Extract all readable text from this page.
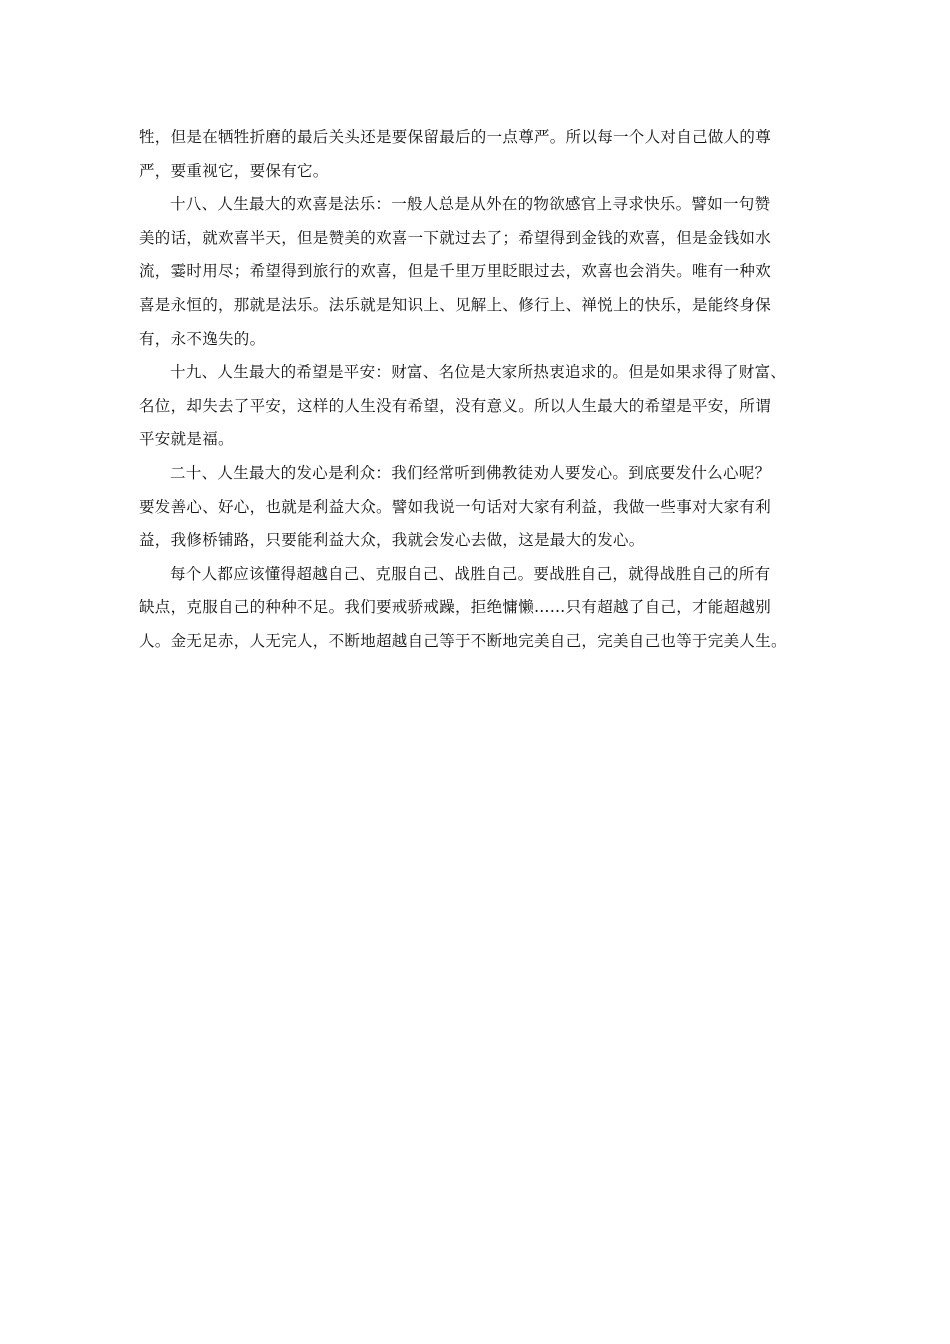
牲，但是在牺牲折磨的最后关头还是要保留最后的一点尊严。所以每一个人对自己做人的尊
严，要重视它，要保有它。

十八、人生最大的欢喜是法乐：一般人总是从外在的物欲感官上寻求快乐。譬如一句赞
美的话，就欢喜半天，但是赞美的欢喜一下就过去了；希望得到金钱的欢喜，但是金钱如水
流，霎时用尽；希望得到旅行的欢喜，但是千里万里眨眼过去，欢喜也会消失。唯有一种欢
喜是永恒的，那就是法乐。法乐就是知识上、见解上、修行上、禅悦上的快乐，是能终身保
有，永不逸失的。

十九、人生最大的希望是平安：财富、名位是大家所热衷追求的。但是如果求得了财富、
名位，却失去了平安，这样的人生没有希望，没有意义。所以人生最大的希望是平安，所谓
平安就是福。

二十、人生最大的发心是利众：我们经常听到佛教徒劝人要发心。到底要发什么心呢？
要发善心、好心，也就是利益大众。譬如我说一句话对大家有利益，我做一些事对大家有利
益，我修桥铺路，只要能利益大众，我就会发心去做，这是最大的发心。

每个人都应该懂得超越自己、克服自己、战胜自己。要战胜自己，就得战胜自己的所有
缺点，克服自己的种种不足。我们要戒骄戒躁，拒绝慵懒……只有超越了自己，才能超越别
人。金无足赤，人无完人，不断地超越自己等于不断地完美自己，完美自己也等于完美人生。
